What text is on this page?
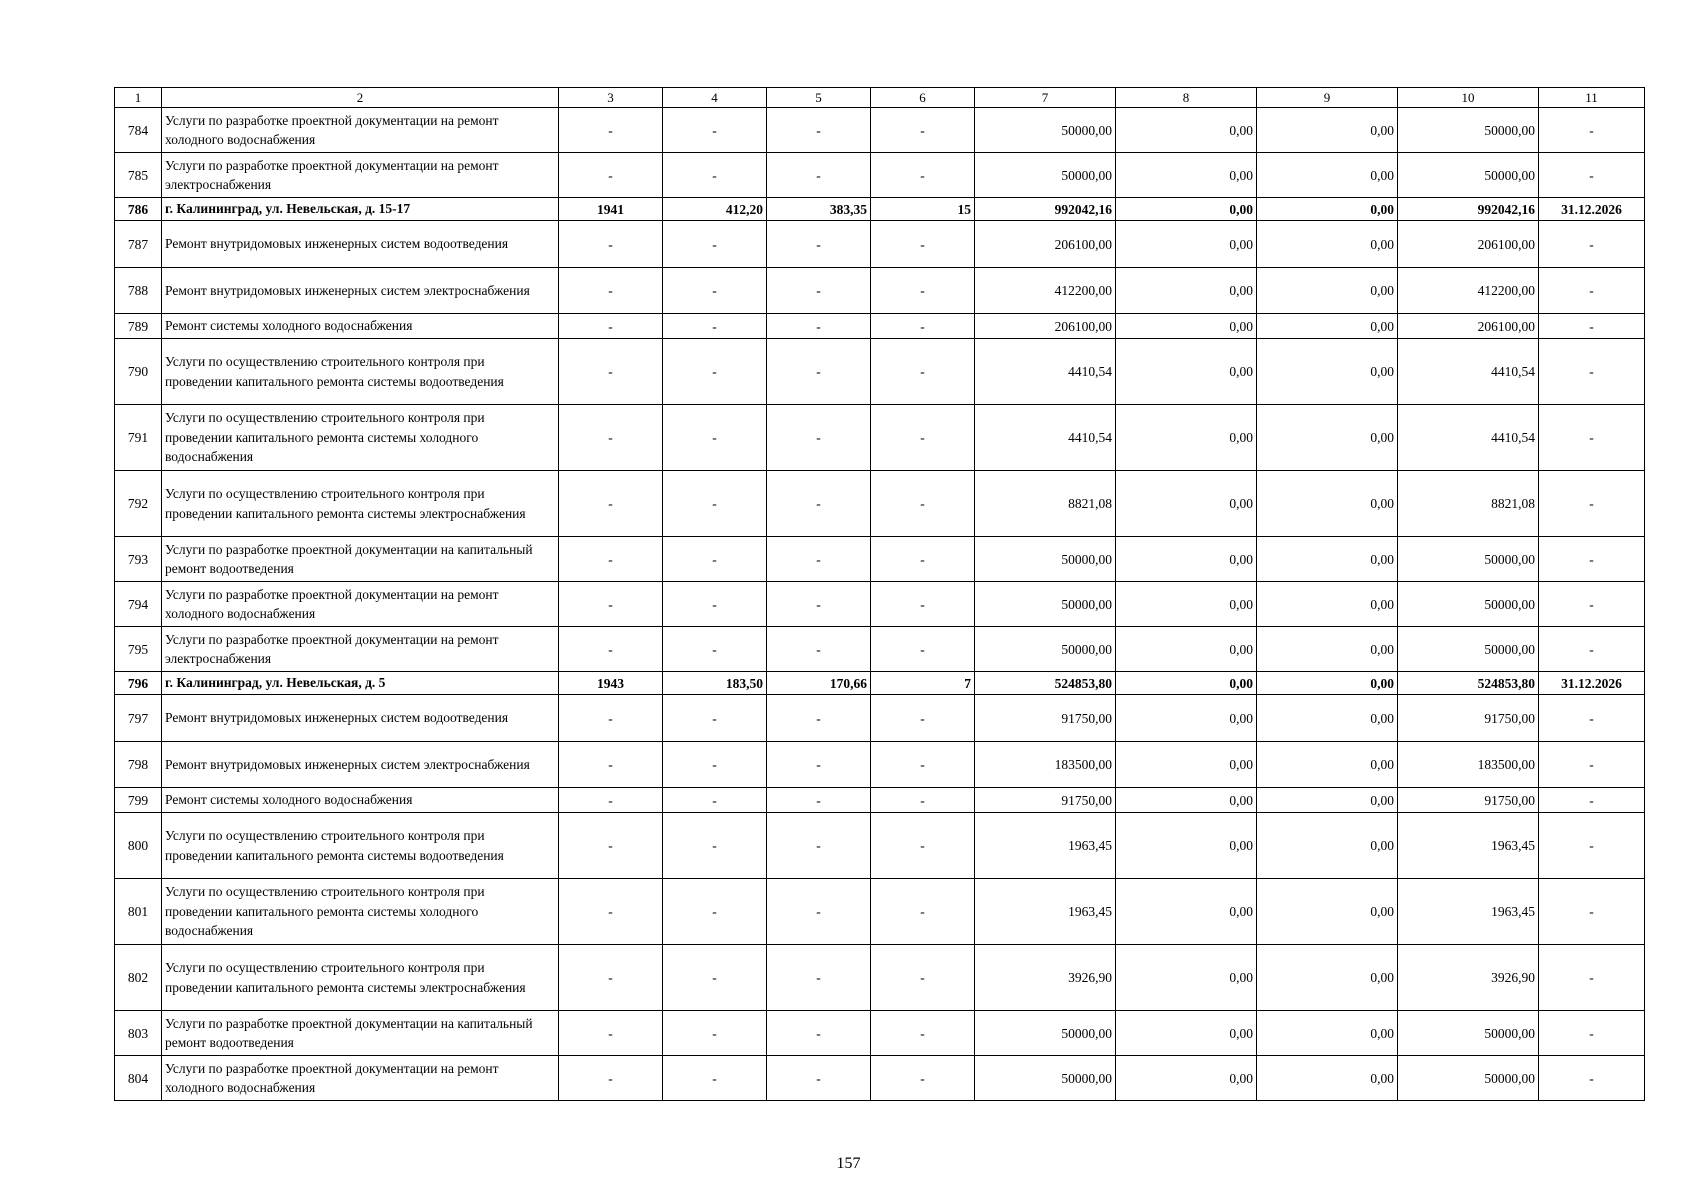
1	2	3	4	5	6	7	8	9	10	11
784	Услуги по разработке проектной документации на ремонт холодного водоснабжения	-	-	-	-	50000,00	0,00	0,00	50000,00	-
785	Услуги по разработке проектной документации на ремонт электроснабжения	-	-	-	-	50000,00	0,00	0,00	50000,00	-
786	г. Калининград, ул. Невельская, д. 15-17	1941	412,20	383,35	15	992042,16	0,00	0,00	992042,16	31.12.2026
787	Ремонт внутридомовых инженерных систем водоотведения	-	-	-	-	206100,00	0,00	0,00	206100,00	-
788	Ремонт внутридомовых инженерных систем электроснабжения	-	-	-	-	412200,00	0,00	0,00	412200,00	-
789	Ремонт системы холодного водоснабжения	-	-	-	-	206100,00	0,00	0,00	206100,00	-
790	Услуги по осуществлению строительного контроля при проведении капитального ремонта системы водоотведения	-	-	-	-	4410,54	0,00	0,00	4410,54	-
791	Услуги по осуществлению строительного контроля при проведении капитального ремонта системы холодного водоснабжения	-	-	-	-	4410,54	0,00	0,00	4410,54	-
792	Услуги по осуществлению строительного контроля при проведении капитального ремонта системы электроснабжения	-	-	-	-	8821,08	0,00	0,00	8821,08	-
793	Услуги по разработке проектной документации на капитальный ремонт водоотведения	-	-	-	-	50000,00	0,00	0,00	50000,00	-
794	Услуги по разработке проектной документации на ремонт холодного водоснабжения	-	-	-	-	50000,00	0,00	0,00	50000,00	-
795	Услуги по разработке проектной документации на ремонт электроснабжения	-	-	-	-	50000,00	0,00	0,00	50000,00	-
796	г. Калининград, ул. Невельская, д. 5	1943	183,50	170,66	7	524853,80	0,00	0,00	524853,80	31.12.2026
797	Ремонт внутридомовых инженерных систем водоотведения	-	-	-	-	91750,00	0,00	0,00	91750,00	-
798	Ремонт внутридомовых инженерных систем электроснабжения	-	-	-	-	183500,00	0,00	0,00	183500,00	-
799	Ремонт системы холодного водоснабжения	-	-	-	-	91750,00	0,00	0,00	91750,00	-
800	Услуги по осуществлению строительного контроля при проведении капитального ремонта системы водоотведения	-	-	-	-	1963,45	0,00	0,00	1963,45	-
801	Услуги по осуществлению строительного контроля при проведении капитального ремонта системы холодного водоснабжения	-	-	-	-	1963,45	0,00	0,00	1963,45	-
802	Услуги по осуществлению строительного контроля при проведении капитального ремонта системы электроснабжения	-	-	-	-	3926,90	0,00	0,00	3926,90	-
803	Услуги по разработке проектной документации на капитальный ремонт водоотведения	-	-	-	-	50000,00	0,00	0,00	50000,00	-
804	Услуги по разработке проектной документации на ремонт холодного водоснабжения	-	-	-	-	50000,00	0,00	0,00	50000,00	-
157
